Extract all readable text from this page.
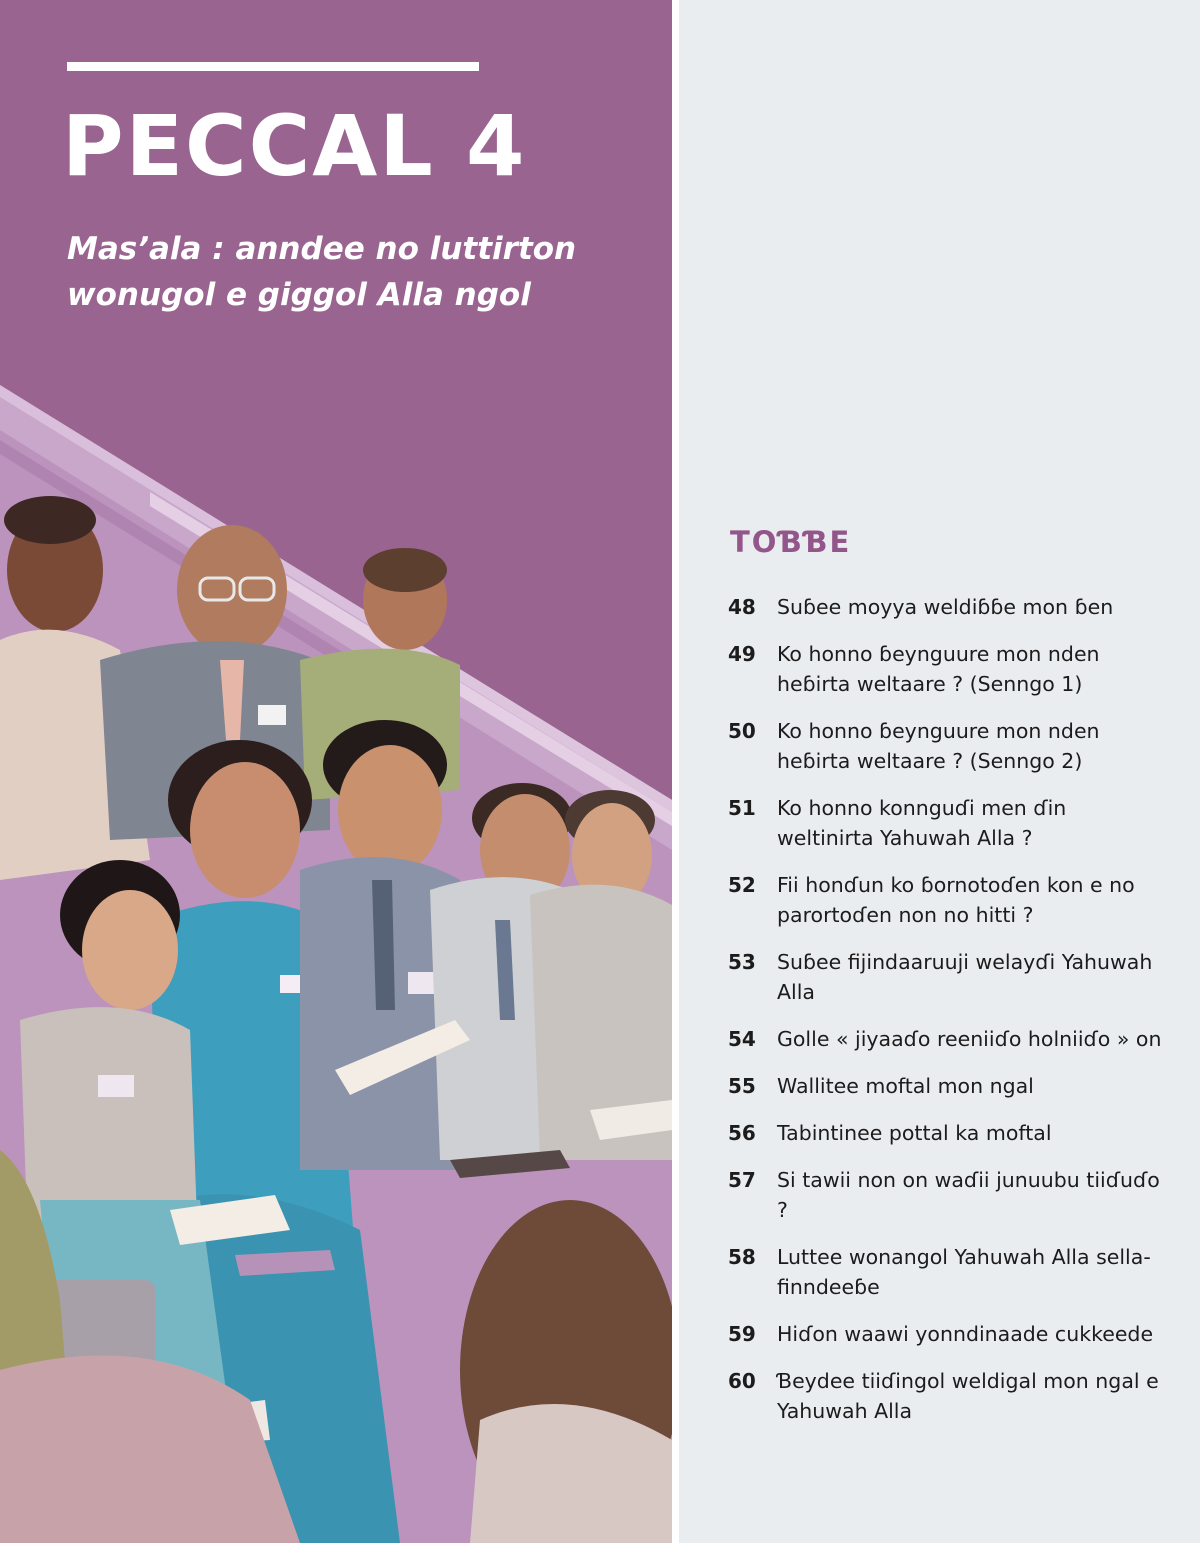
PECCAL 4
Mas’ala : anndee no luttirton wonugol e giggol Alla ngol
TOƁƁE
48	Suɓee moyya weldiɓɓe mon ɓen
49	Ko honno ɓeynguure mon nden heɓirta weltaare ? (Senngo 1)
50	Ko honno ɓeynguure mon nden heɓirta weltaare ? (Senngo 2)
51	Ko honno konnguɗi men ɗin weltinirta Yahuwah Alla ?
52	Fii honɗun ko ɓornotoɗen kon e no parortoɗen non no hitti ?
53	Suɓee fijindaaruuji welayɗi Yahuwah Alla
54	Golle « jiyaaɗo reeniiɗo holniiɗo » on
55	Wallitee moftal mon ngal
56	Tabintinee pottal ka moftal
57	Si tawii non on waɗii junuubu tiiɗuɗo ?
58	Luttee wonangol Yahuwah Alla sella-finndeeɓe
59	Hiɗon waawi yonndinaade cukkeede
60	Ɓeydee tiiɗingol weldigal mon ngal e Yahuwah Alla
